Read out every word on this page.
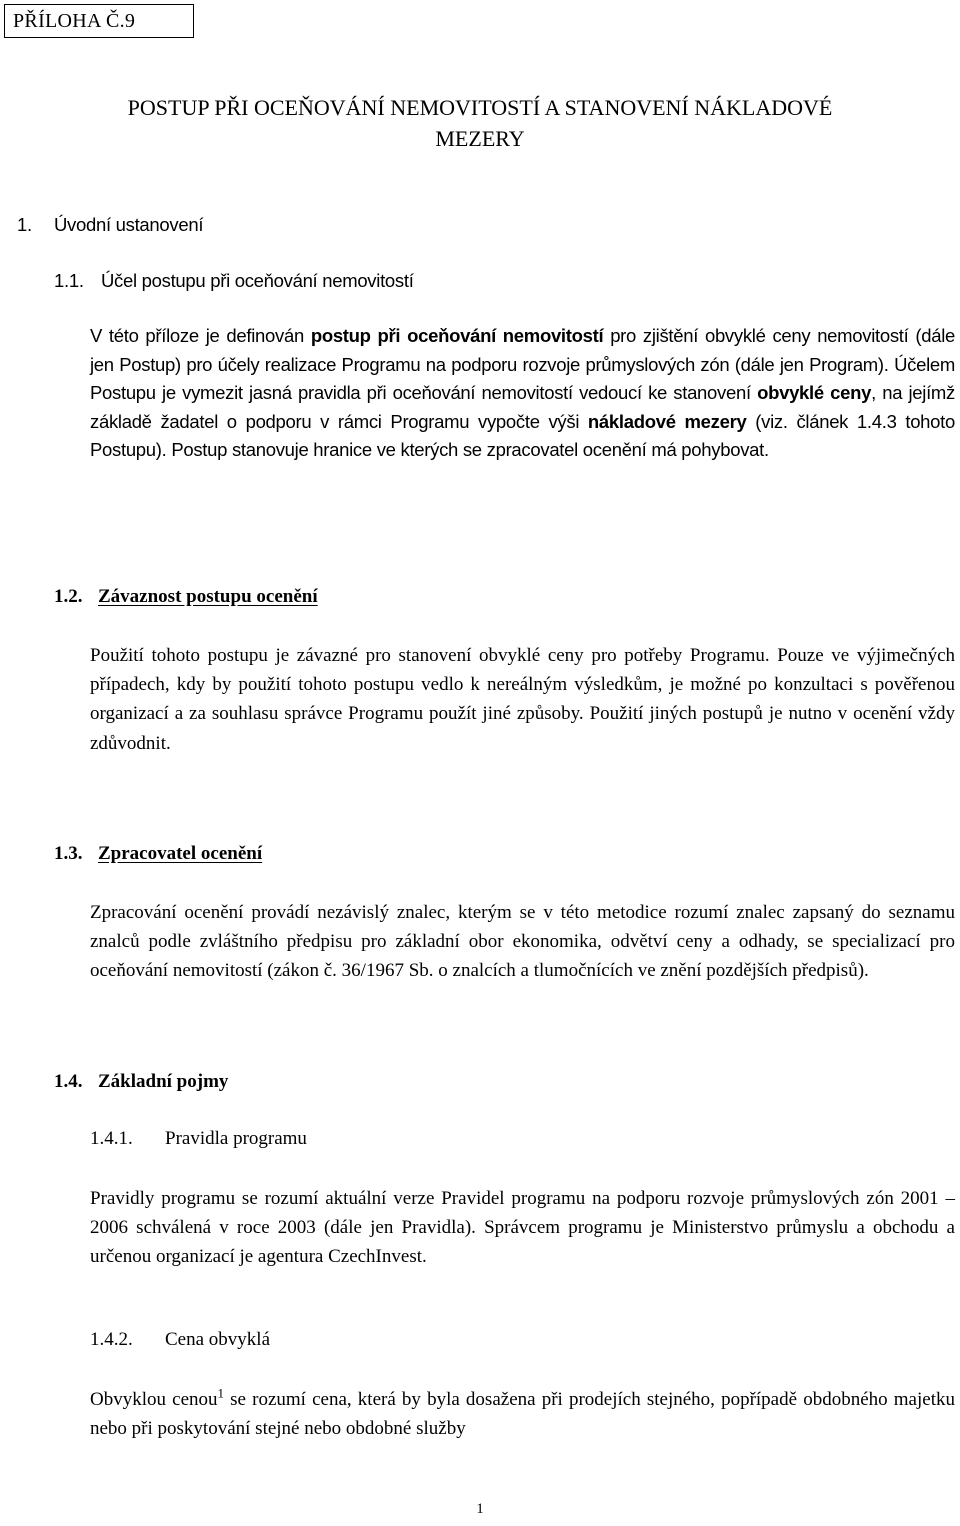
PŘÍLOHA Č.9
POSTUP PŘI OCEŇOVÁNÍ NEMOVITOSTÍ A STANOVENÍ NÁKLADOVÉ
MEZERY
1. Úvodní ustanovení
1.1. Účel postupu při oceňování nemovitostí
V této příloze je definován postup při oceňování nemovitostí pro zjištění obvyklé ceny nemovitostí (dále jen Postup) pro účely realizace Programu na podporu rozvoje průmyslových zón (dále jen Program). Účelem Postupu je vymezit jasná pravidla při oceňování nemovitostí vedoucí ke stanovení obvyklé ceny, na jejímž základě žadatel o podporu v rámci Programu vypočte výši nákladové mezery (viz. článek 1.4.3 tohoto Postupu). Postup stanovuje hranice ve kterých se zpracovatel ocenění má pohybovat.
1.2. Závaznost postupu ocenění
Použití tohoto postupu je závazné pro stanovení obvyklé ceny pro potřeby Programu. Pouze ve výjimečných případech, kdy by použití tohoto postupu vedlo k nereálným výsledkům, je možné po konzultaci s pověřenou organizací a za souhlasu správce Programu použít jiné způsoby. Použití jiných postupů je nutno v ocenění vždy zdůvodnit.
1.3. Zpracovatel ocenění
Zpracování ocenění provádí nezávislý znalec, kterým se v této metodice rozumí znalec zapsaný do seznamu znalců podle zvláštního předpisu pro základní obor ekonomika, odvětví ceny a odhady, se specializací pro oceňování nemovitostí (zákon č. 36/1967 Sb. o znalcích a tlumočnících ve znění pozdějších předpisů).
1.4. Základní pojmy
1.4.1. Pravidla programu
Pravidly programu se rozumí aktuální verze Pravidel programu na podporu rozvoje průmyslových zón 2001 – 2006 schválená v roce 2003 (dále jen Pravidla). Správcem programu je Ministerstvo průmyslu a obchodu a určenou organizací je agentura CzechInvest.
1.4.2. Cena obvyklá
Obvyklou cenou$^1$ se rozumí cena, která by byla dosažena při prodejích stejného, popřípadě obdobného majetku nebo při poskytování stejné nebo obdobné služby
1
